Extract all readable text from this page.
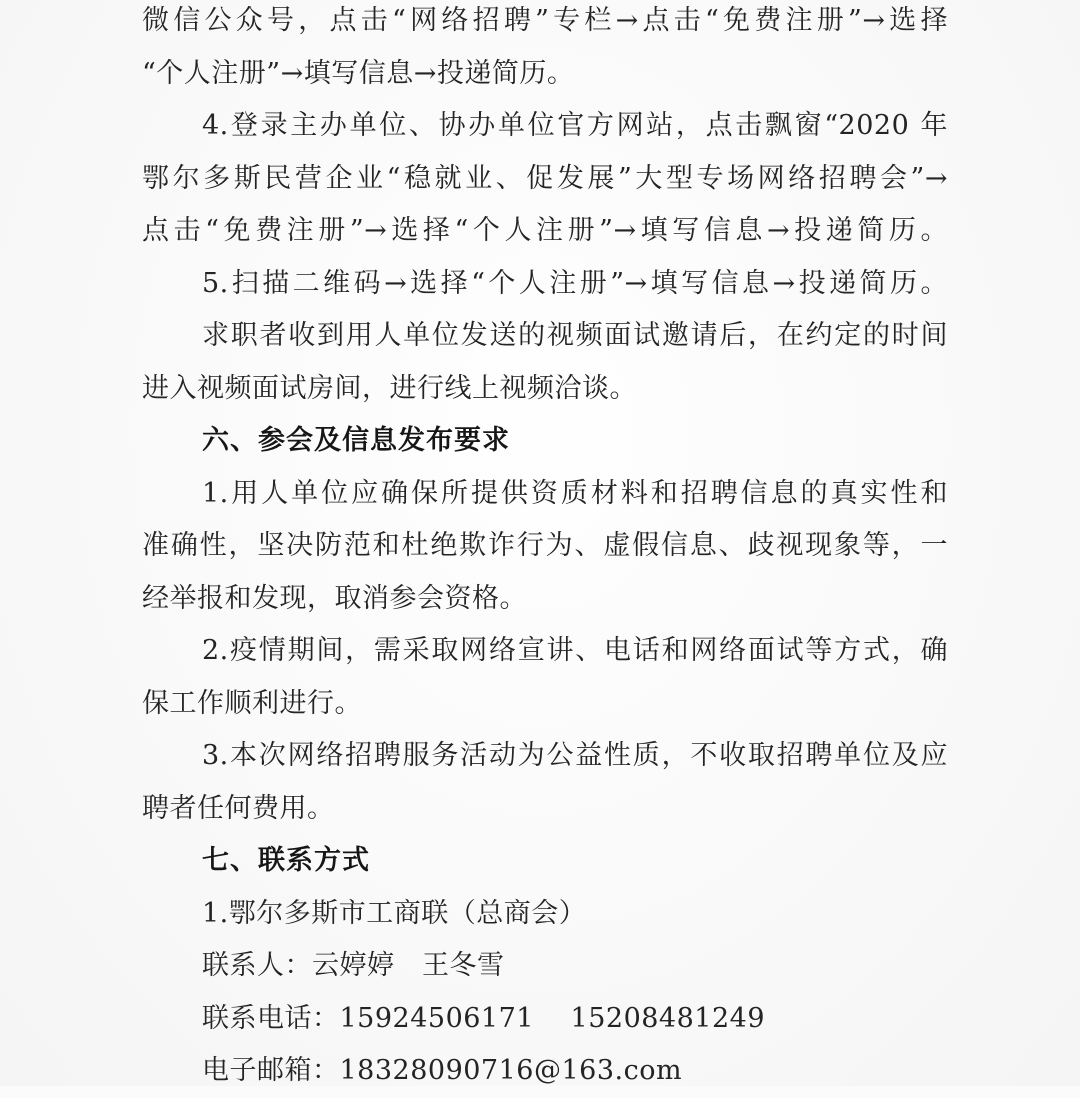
微信公众号，点击“网络招聘”专栏→点击“免费注册”→选择
“个人注册”→填写信息→投递简历。
4.登录主办单位、协办单位官方网站，点击飘窗“2020 年
鄂尔多斯民营企业“稳就业、促发展”大型专场网络招聘会”→
点击“免费注册”→选择“个人注册”→填写信息→投递简历。
5.扫描二维码→选择“个人注册”→填写信息→投递简历。
求职者收到用人单位发送的视频面试邀请后，在约定的时间
进入视频面试房间，进行线上视频洽谈。
六、参会及信息发布要求
1.用人单位应确保所提供资质材料和招聘信息的真实性和
准确性，坚决防范和杜绝欺诈行为、虚假信息、歧视现象等，一
经举报和发现，取消参会资格。
2.疫情期间，需采取网络宣讲、电话和网络面试等方式，确
保工作顺利进行。
3.本次网络招聘服务活动为公益性质，不收取招聘单位及应
聘者任何费用。
七、联系方式
1.鄂尔多斯市工商联（总商会）
联系人：云婷婷　王冬雪
联系电话：15924506171　 15208481249
电子邮箱：18328090716@163.com
